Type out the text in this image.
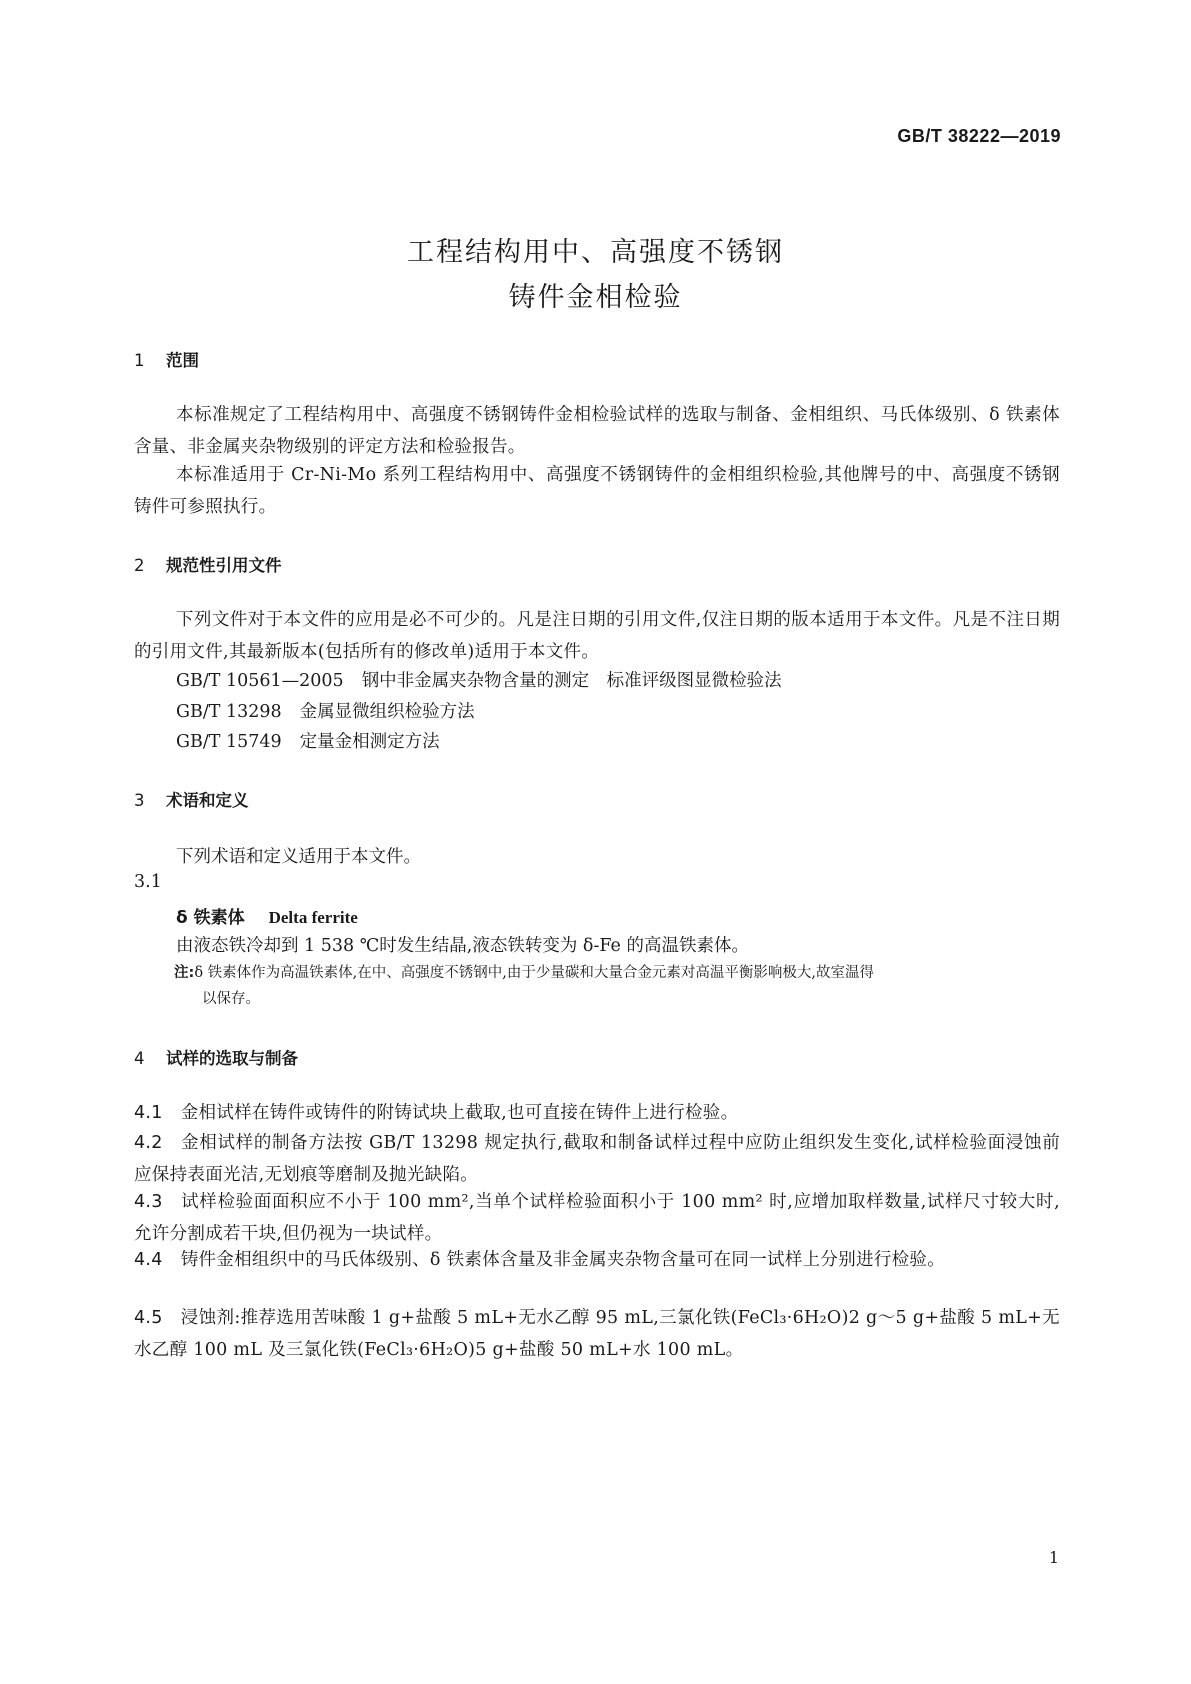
GB/T 38222—2019
工程结构用中、高强度不锈钢
铸件金相检验
1 范围
本标准规定了工程结构用中、高强度不锈钢铸件金相检验试样的选取与制备、金相组织、马氏体级别、δ 铁素体含量、非金属夹杂物级别的评定方法和检验报告。
本标准适用于 Cr-Ni-Mo 系列工程结构用中、高强度不锈钢铸件的金相组织检验,其他牌号的中、高强度不锈钢铸件可参照执行。
2 规范性引用文件
下列文件对于本文件的应用是必不可少的。凡是注日期的引用文件,仅注日期的版本适用于本文件。凡是不注日期的引用文件,其最新版本(包括所有的修改单)适用于本文件。
GB/T 10561—2005 钢中非金属夹杂物含量的测定　标准评级图显微检验法
GB/T 13298 金属显微组织检验方法
GB/T 15749 定量金相测定方法
3 术语和定义
下列术语和定义适用于本文件。
3.1
δ 铁素体 Delta ferrite
由液态铁冷却到 1 538 ℃时发生结晶,液态铁转变为 δ-Fe 的高温铁素体。
注:δ 铁素体作为高温铁素体,在中、高强度不锈钢中,由于少量碳和大量合金元素对高温平衡影响极大,故室温得
以保存。
4 试样的选取与制备
4.1 金相试样在铸件或铸件的附铸试块上截取,也可直接在铸件上进行检验。
4.2 金相试样的制备方法按 GB/T 13298 规定执行,截取和制备试样过程中应防止组织发生变化,试样检验面浸蚀前应保持表面光洁,无划痕等磨制及抛光缺陷。
4.3 试样检验面面积应不小于 100 mm²,当单个试样检验面积小于 100 mm² 时,应增加取样数量,试样尺寸较大时,允许分割成若干块,但仍视为一块试样。
4.4 铸件金相组织中的马氏体级别、δ 铁素体含量及非金属夹杂物含量可在同一试样上分别进行检验。
4.5 浸蚀剂:推荐选用苦味酸 1 g+盐酸 5 mL+无水乙醇 95 mL,三氯化铁(FeCl₃·6H₂O)2 g～5 g+盐酸 5 mL+无水乙醇 100 mL 及三氯化铁(FeCl₃·6H₂O)5 g+盐酸 50 mL+水 100 mL。
1
